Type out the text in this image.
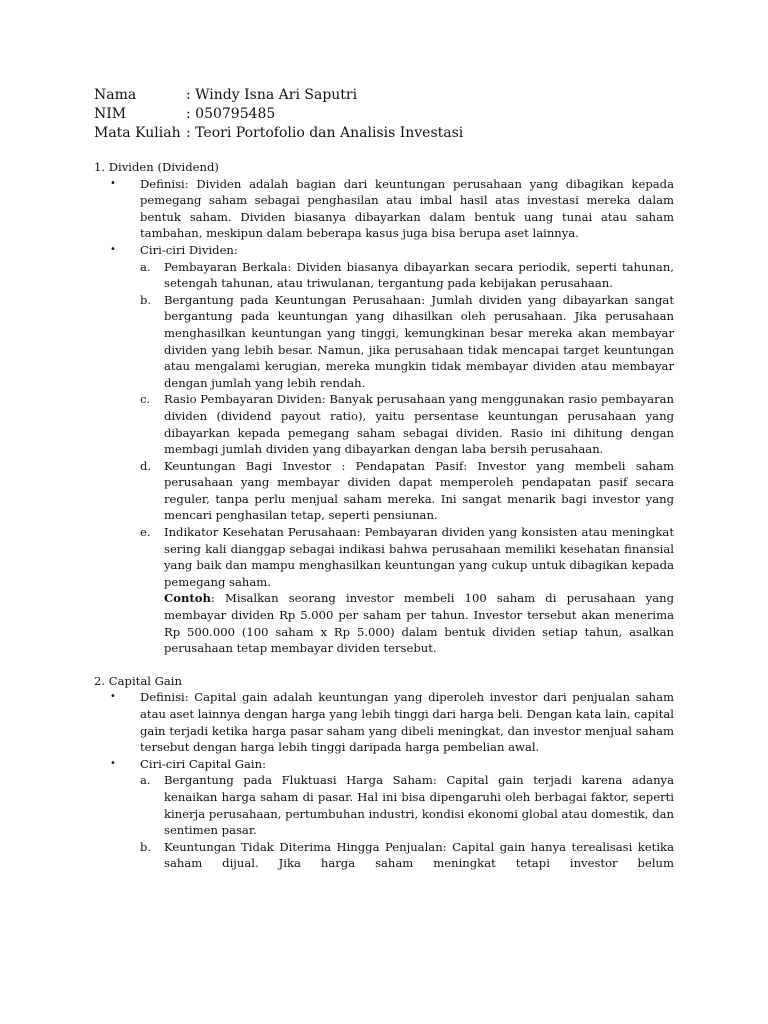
Nama	: Windy Isna Ari Saputri
NIM	: 050795485
Mata Kuliah : Teori Portofolio dan Analisis Investasi
1. Dividen (Dividend)
•	Definisi: Dividen adalah bagian dari keuntungan perusahaan yang dibagikan kepada pemegang saham sebagai penghasilan atau imbal hasil atas investasi mereka dalam bentuk saham. Dividen biasanya dibayarkan dalam bentuk uang tunai atau saham tambahan, meskipun dalam beberapa kasus juga bisa berupa aset lainnya.
•	Ciri-ciri Dividen:
a.	Pembayaran Berkala: Dividen biasanya dibayarkan secara periodik, seperti tahunan, setengah tahunan, atau triwulanan, tergantung pada kebijakan perusahaan.
b.	Bergantung pada Keuntungan Perusahaan: Jumlah dividen yang dibayarkan sangat bergantung pada keuntungan yang dihasilkan oleh perusahaan. Jika perusahaan menghasilkan keuntungan yang tinggi, kemungkinan besar mereka akan membayar dividen yang lebih besar. Namun, jika perusahaan tidak mencapai target keuntungan atau mengalami kerugian, mereka mungkin tidak membayar dividen atau membayar dengan jumlah yang lebih rendah.
c.	Rasio Pembayaran Dividen: Banyak perusahaan yang menggunakan rasio pembayaran dividen (dividend payout ratio), yaitu persentase keuntungan perusahaan yang dibayarkan kepada pemegang saham sebagai dividen. Rasio ini dihitung dengan membagi jumlah dividen yang dibayarkan dengan laba bersih perusahaan.
d.	Keuntungan Bagi Investor : Pendapatan Pasif: Investor yang membeli saham perusahaan yang membayar dividen dapat memperoleh pendapatan pasif secara reguler, tanpa perlu menjual saham mereka. Ini sangat menarik bagi investor yang mencari penghasilan tetap, seperti pensiunan.
e.	Indikator Kesehatan Perusahaan: Pembayaran dividen yang konsisten atau meningkat sering kali dianggap sebagai indikasi bahwa perusahaan memiliki kesehatan finansial yang baik dan mampu menghasilkan keuntungan yang cukup untuk dibagikan kepada pemegang saham.
Contoh: Misalkan seorang investor membeli 100 saham di perusahaan yang membayar dividen Rp 5.000 per saham per tahun. Investor tersebut akan menerima Rp 500.000 (100 saham x Rp 5.000) dalam bentuk dividen setiap tahun, asalkan perusahaan tetap membayar dividen tersebut.
2. Capital Gain
•	Definisi: Capital gain adalah keuntungan yang diperoleh investor dari penjualan saham atau aset lainnya dengan harga yang lebih tinggi dari harga beli. Dengan kata lain, capital gain terjadi ketika harga pasar saham yang dibeli meningkat, dan investor menjual saham tersebut dengan harga lebih tinggi daripada harga pembelian awal.
•	Ciri-ciri Capital Gain:
a.	Bergantung pada Fluktuasi Harga Saham: Capital gain terjadi karena adanya kenaikan harga saham di pasar. Hal ini bisa dipengaruhi oleh berbagai faktor, seperti kinerja perusahaan, pertumbuhan industri, kondisi ekonomi global atau domestik, dan sentimen pasar.
b.	Keuntungan Tidak Diterima Hingga Penjualan: Capital gain hanya terealisasi ketika saham dijual. Jika harga saham meningkat tetapi investor belum
